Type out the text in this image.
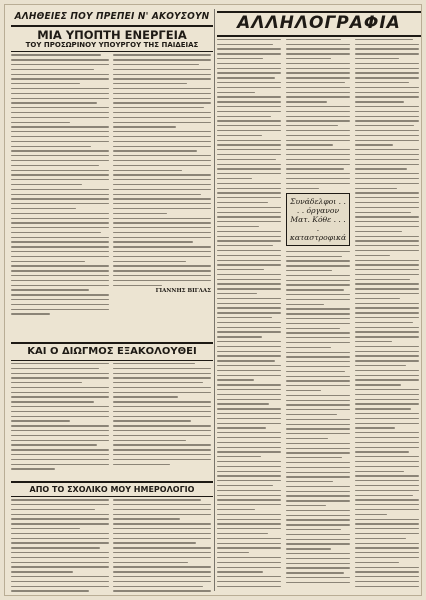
ΑΛΗΘΕΙΕΣ ΠΟΥ ΠΡΕΠΕΙ Ν' ΑΚΟΥΣΟΥΝ
ΜΙΑ ΥΠΟΠΤΗ ΕΝΕΡΓΕΙΑ
ΤΟΥ ΠΡΟΣΩΡΙΝΟΥ ΥΠΟΥΡΓΟΥ ΤΗΣ ΠΑΙΔΕΙΑΣ
ΓΙΑΝΝΗΣ ΒΙΓΛΑΣ
ΚΑΙ Ο ΔΙΩΓΜΟΣ ΕΞΑΚΟΛΟΥΘΕΙ
ΑΠΟ ΤΟ ΣΧΟΛΙΚΟ ΜΟΥ ΗΜΕΡΟΛΟΓΙΟ
ΑΛΛΗΛΟΓΡΑΦΙΑ
Συνάδελφοι . . . . όργανον Ματ. Κόθε . . . . καταστροφικά
